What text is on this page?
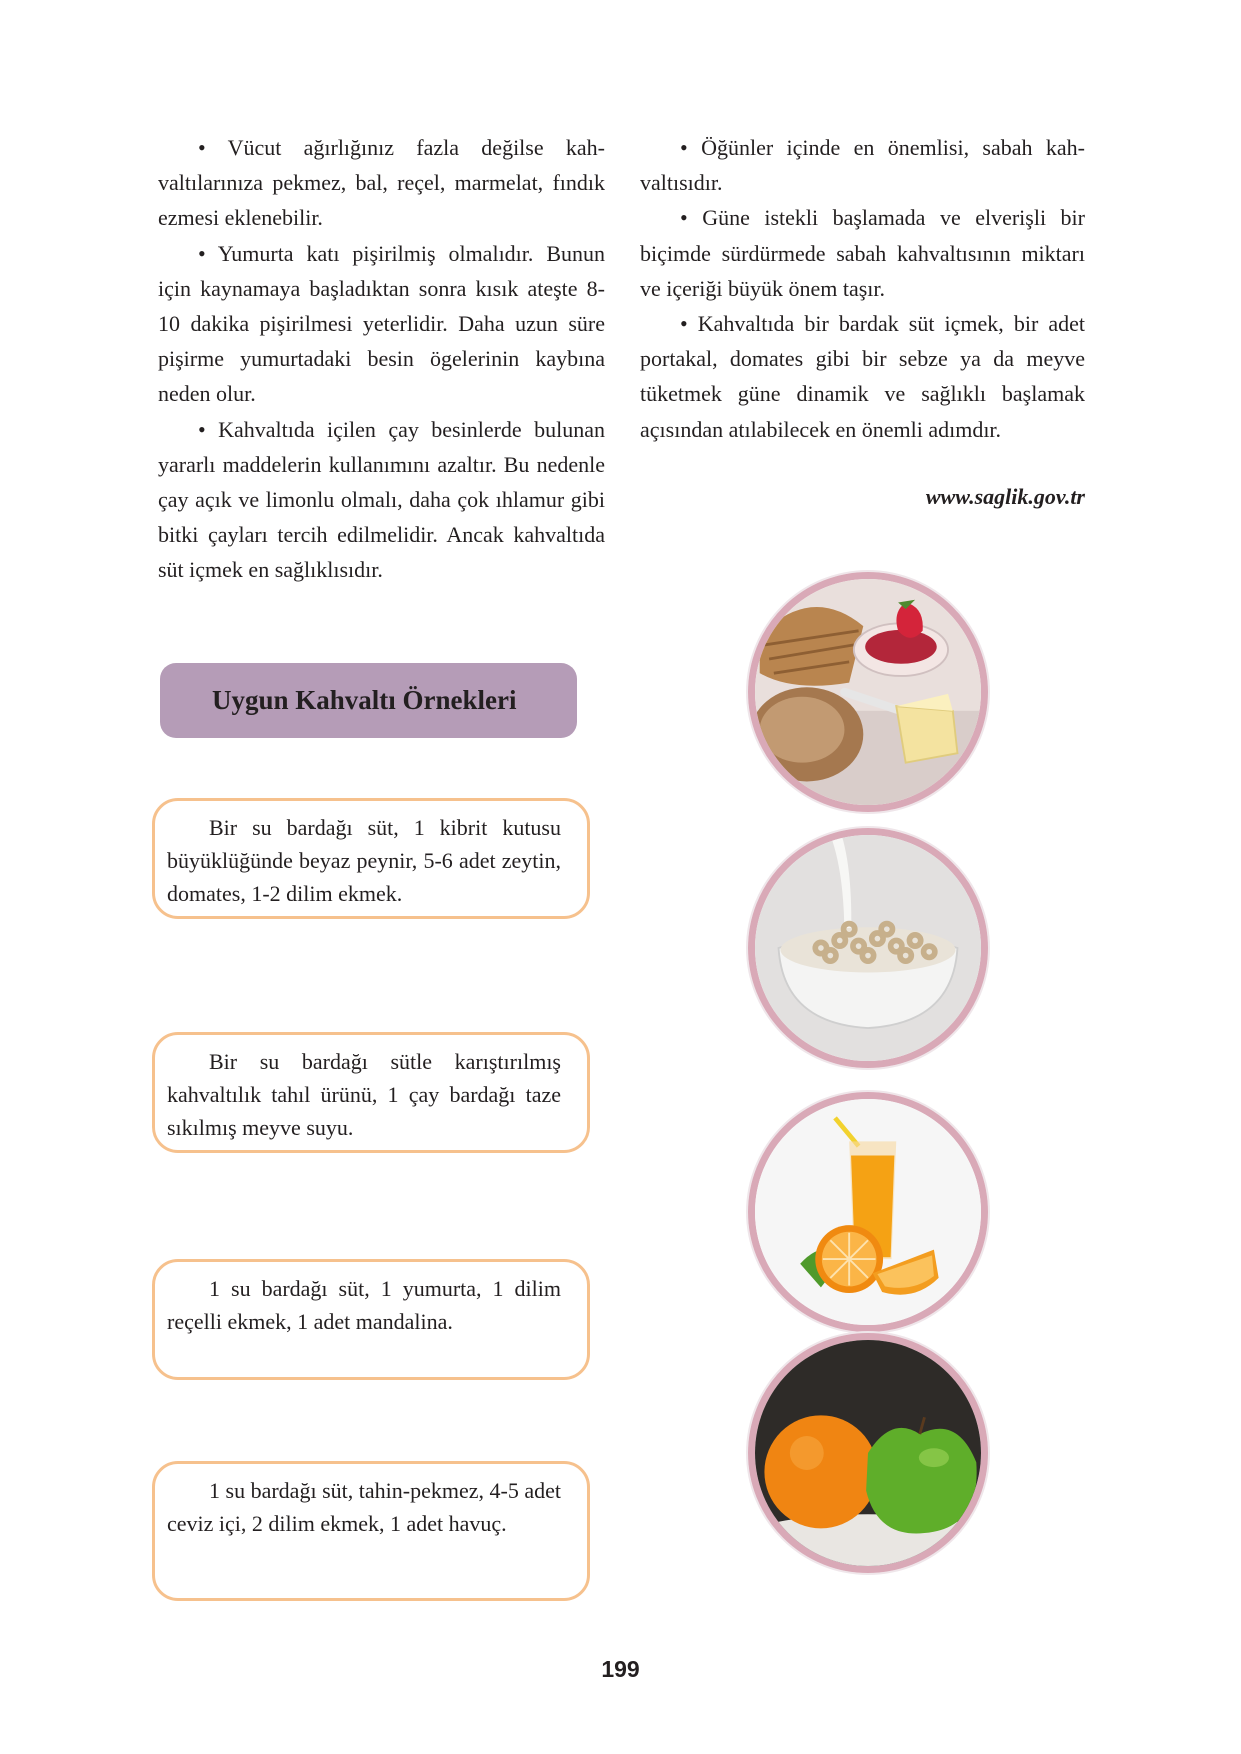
• Vücut ağırlığınız fazla değilse kahvaltılarınıza pekmez, bal, reçel, marmelat, fındık ezmesi eklenebilir.

• Yumurta katı pişirilmiş olmalıdır. Bunun için kaynamaya başladıktan sonra kısık ateşte 8-10 dakika pişirilmesi yeterlidir. Daha uzun süre pişirme yumurtadaki besin ögelerinin kaybına neden olur.

• Kahvaltıda içilen çay besinlerde bulunan yararlı maddelerin kullanımını azaltır. Bu nedenle çay açık ve limonlu olmalı, daha çok ıhlamur gibi bitki çayları tercih edilmelidir. Ancak kahvaltıda süt içmek en sağlıklısıdır.

• Öğünler içinde en önemlisi, sabah kahvaltısıdır.

• Güne istekli başlamada ve elverişli bir biçimde sürdürmede sabah kahvaltısının miktarı ve içeriği büyük önem taşır.

• Kahvaltıda bir bardak süt içmek, bir adet portakal, domates gibi bir sebze ya da meyve tüketmek güne dinamik ve sağlıklı başlamak açısından atılabilecek en önemli adımdır.

www.saglik.gov.tr
Uygun Kahvaltı Örnekleri

Bir su bardağı süt, 1 kibrit kutusu büyüklüğünde beyaz peynir, 5-6 adet zeytin, domates, 1-2 dilim ekmek.

Bir su bardağı sütle karıştırılmış kahvaltılık tahıl ürünü, 1 çay bardağı taze sıkılmış meyve suyu.

1 su bardağı süt, 1 yumurta, 1 dilim reçelli ekmek, 1 adet mandalina.

1 su bardağı süt, tahin-pekmez, 4-5 adet ceviz içi, 2 dilim ekmek, 1 adet havuç.

199
